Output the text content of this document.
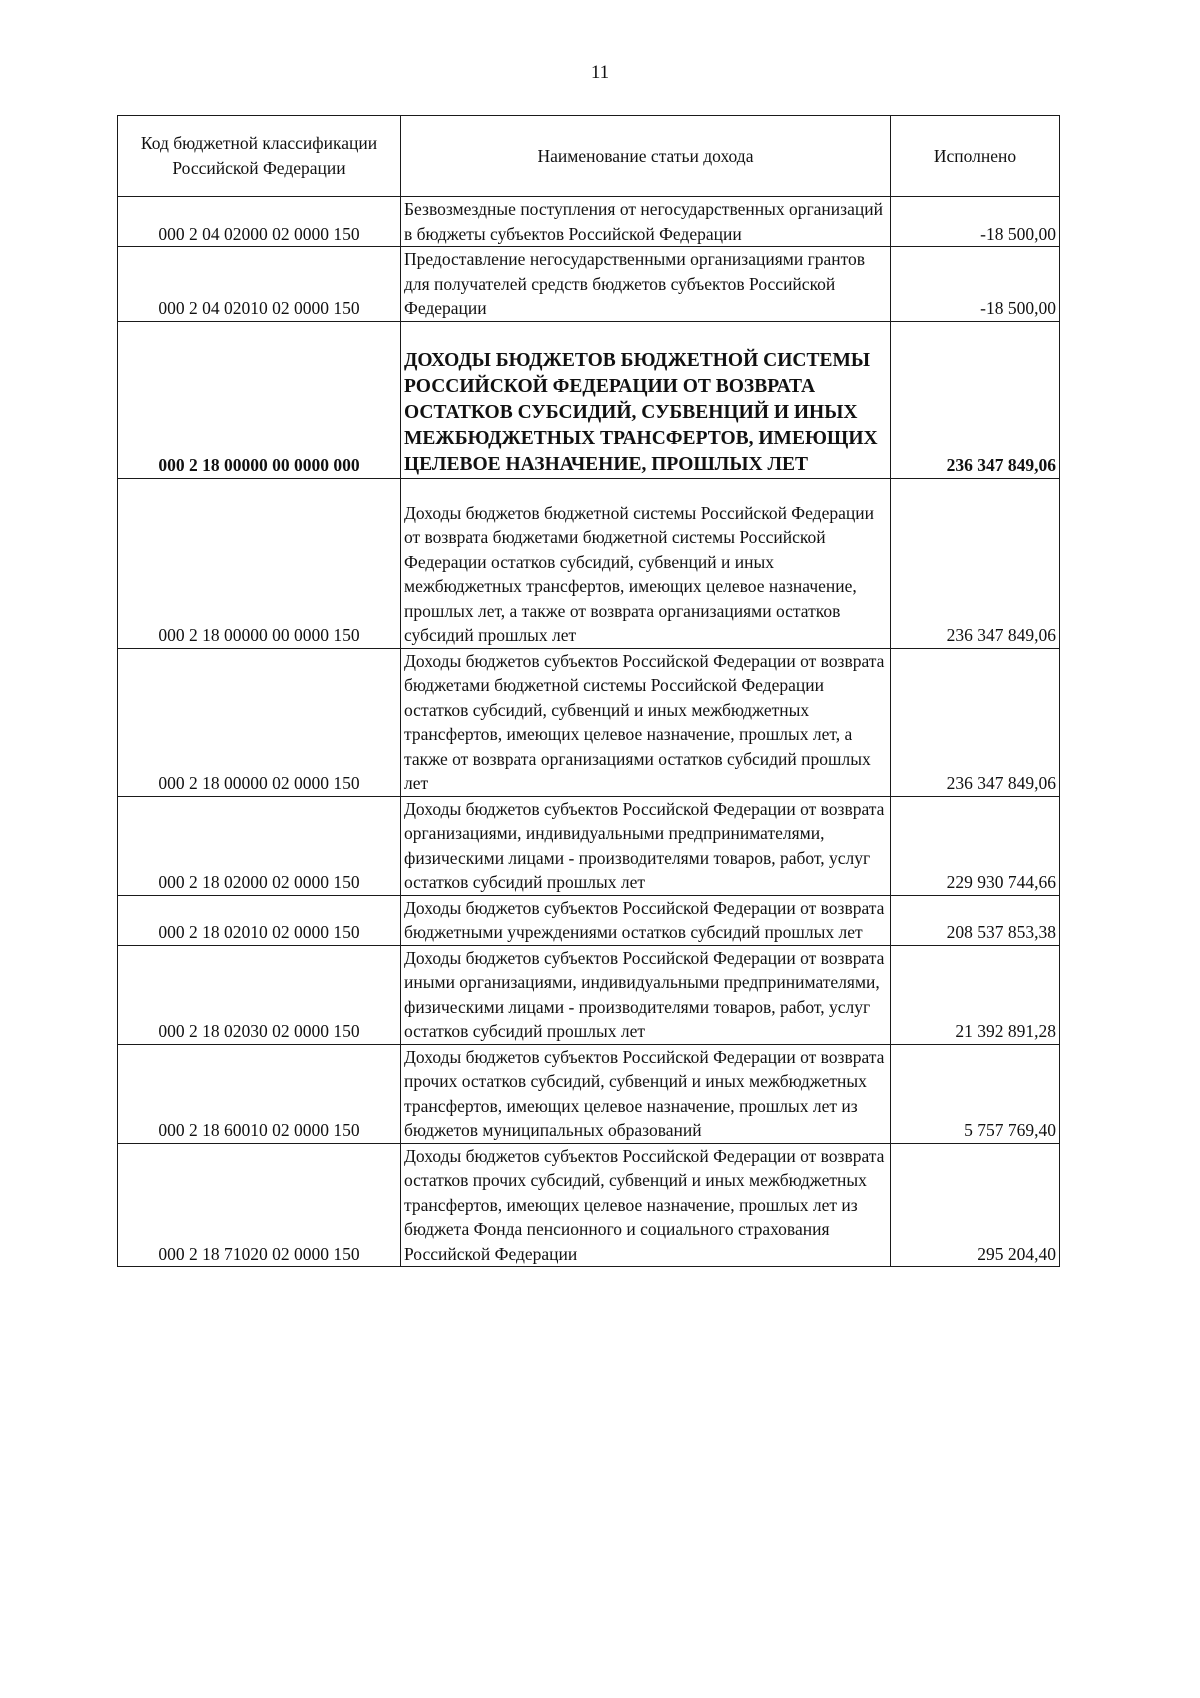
11
Код бюджетной классификации Российской Федерации	Наименование статьи дохода	Исполнено
000 2 04 02000 02 0000 150	Безвозмездные поступления от негосударственных организаций в бюджеты субъектов Российской Федерации	-18 500,00
000 2 04 02010 02 0000 150	Предоставление негосударственными организациями грантов для получателей средств бюджетов субъектов Российской Федерации	-18 500,00
000 2 18 00000 00 0000 000	ДОХОДЫ БЮДЖЕТОВ БЮДЖЕТНОЙ СИСТЕМЫ РОССИЙСКОЙ ФЕДЕРАЦИИ ОТ ВОЗВРАТА ОСТАТКОВ СУБСИДИЙ, СУБВЕНЦИЙ И ИНЫХ МЕЖБЮДЖЕТНЫХ ТРАНСФЕРТОВ, ИМЕЮЩИХ ЦЕЛЕВОЕ НАЗНАЧЕНИЕ, ПРОШЛЫХ ЛЕТ	236 347 849,06
000 2 18 00000 00 0000 150	Доходы бюджетов бюджетной системы Российской Федерации от возврата бюджетами бюджетной системы Российской Федерации остатков субсидий, субвенций и иных межбюджетных трансфертов, имеющих целевое назначение, прошлых лет, а также от возврата организациями остатков субсидий прошлых лет	236 347 849,06
000 2 18 00000 02 0000 150	Доходы бюджетов субъектов Российской Федерации от возврата бюджетами бюджетной системы Российской Федерации остатков субсидий, субвенций и иных межбюджетных трансфертов, имеющих целевое назначение, прошлых лет, а также от возврата организациями остатков субсидий прошлых лет	236 347 849,06
000 2 18 02000 02 0000 150	Доходы бюджетов субъектов Российской Федерации от возврата организациями, индивидуальными предпринимателями, физическими лицами - производителями товаров, работ, услуг остатков субсидий прошлых лет	229 930 744,66
000 2 18 02010 02 0000 150	Доходы бюджетов субъектов Российской Федерации от возврата бюджетными учреждениями остатков субсидий прошлых лет	208 537 853,38
000 2 18 02030 02 0000 150	Доходы бюджетов субъектов Российской Федерации от возврата иными организациями, индивидуальными предпринимателями, физическими лицами - производителями товаров, работ, услуг остатков субсидий прошлых лет	21 392 891,28
000 2 18 60010 02 0000 150	Доходы бюджетов субъектов Российской Федерации от возврата прочих остатков субсидий, субвенций и иных межбюджетных трансфертов, имеющих целевое назначение, прошлых лет из бюджетов муниципальных образований	5 757 769,40
000 2 18 71020 02 0000 150	Доходы бюджетов субъектов Российской Федерации от возврата остатков прочих субсидий, субвенций и иных межбюджетных трансфертов, имеющих целевое назначение, прошлых лет из бюджета Фонда пенсионного и социального страхования Российской Федерации	295 204,40
